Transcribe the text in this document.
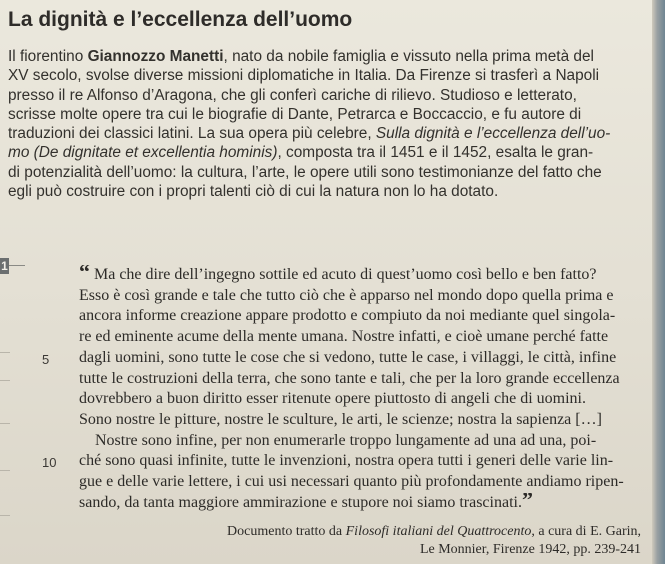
La dignità e l’eccellenza dell’uomo
Il fiorentino Giannozzo Manetti, nato da nobile famiglia e vissuto nella prima metà del
XV secolo, svolse diverse missioni diplomatiche in Italia. Da Firenze si trasferì a Napoli
presso il re Alfonso d’Aragona, che gli conferì cariche di rilievo. Studioso e letterato,
scrisse molte opere tra cui le biografie di Dante, Petrarca e Boccaccio, e fu autore di
traduzioni dei classici latini. La sua opera più celebre, Sulla dignità e l’eccellenza dell’uo-
mo (De dignitate et excellentia hominis), composta tra il 1451 e il 1452, esalta le gran-
di potenzialità dell’uomo: la cultura, l’arte, le opere utili sono testimonianze del fatto che
egli può costruire con i propri talenti ciò di cui la natura non lo ha dotato.
1	“ Ma che dire dell’ingegno sottile ed acuto di quest’uomo così bello e ben fatto?
Esso è così grande e tale che tutto ciò che è apparso nel mondo dopo quella prima e
ancora informe creazione appare prodotto e compiuto da noi mediante quel singola-
re ed eminente acume della mente umana. Nostre infatti, e cioè umane perché fatte
dagli uomini, sono tutte le cose che si vedono, tutte le case, i villaggi, le città, infine
tutte le costruzioni della terra, che sono tante e tali, che per la loro grande eccellenza
dovrebbero a buon diritto esser ritenute opere piuttosto di angeli che di uomini.
Sono nostre le pitture, nostre le sculture, le arti, le scienze; nostra la sapienza […]
Nostre sono infine, per non enumerarle troppo lungamente ad una ad una, poi-
ché sono quasi infinite, tutte le invenzioni, nostra opera tutti i generi delle varie lin-
gue e delle varie lettere, i cui usi necessari quanto più profondamente andiamo ripen-
sando, da tanta maggiore ammirazione e stupore noi siamo trascinati.”
5
10
Documento tratto da Filosofi italiani del Quattrocento, a cura di E. Garin,
Le Monnier, Firenze 1942, pp. 239-241
